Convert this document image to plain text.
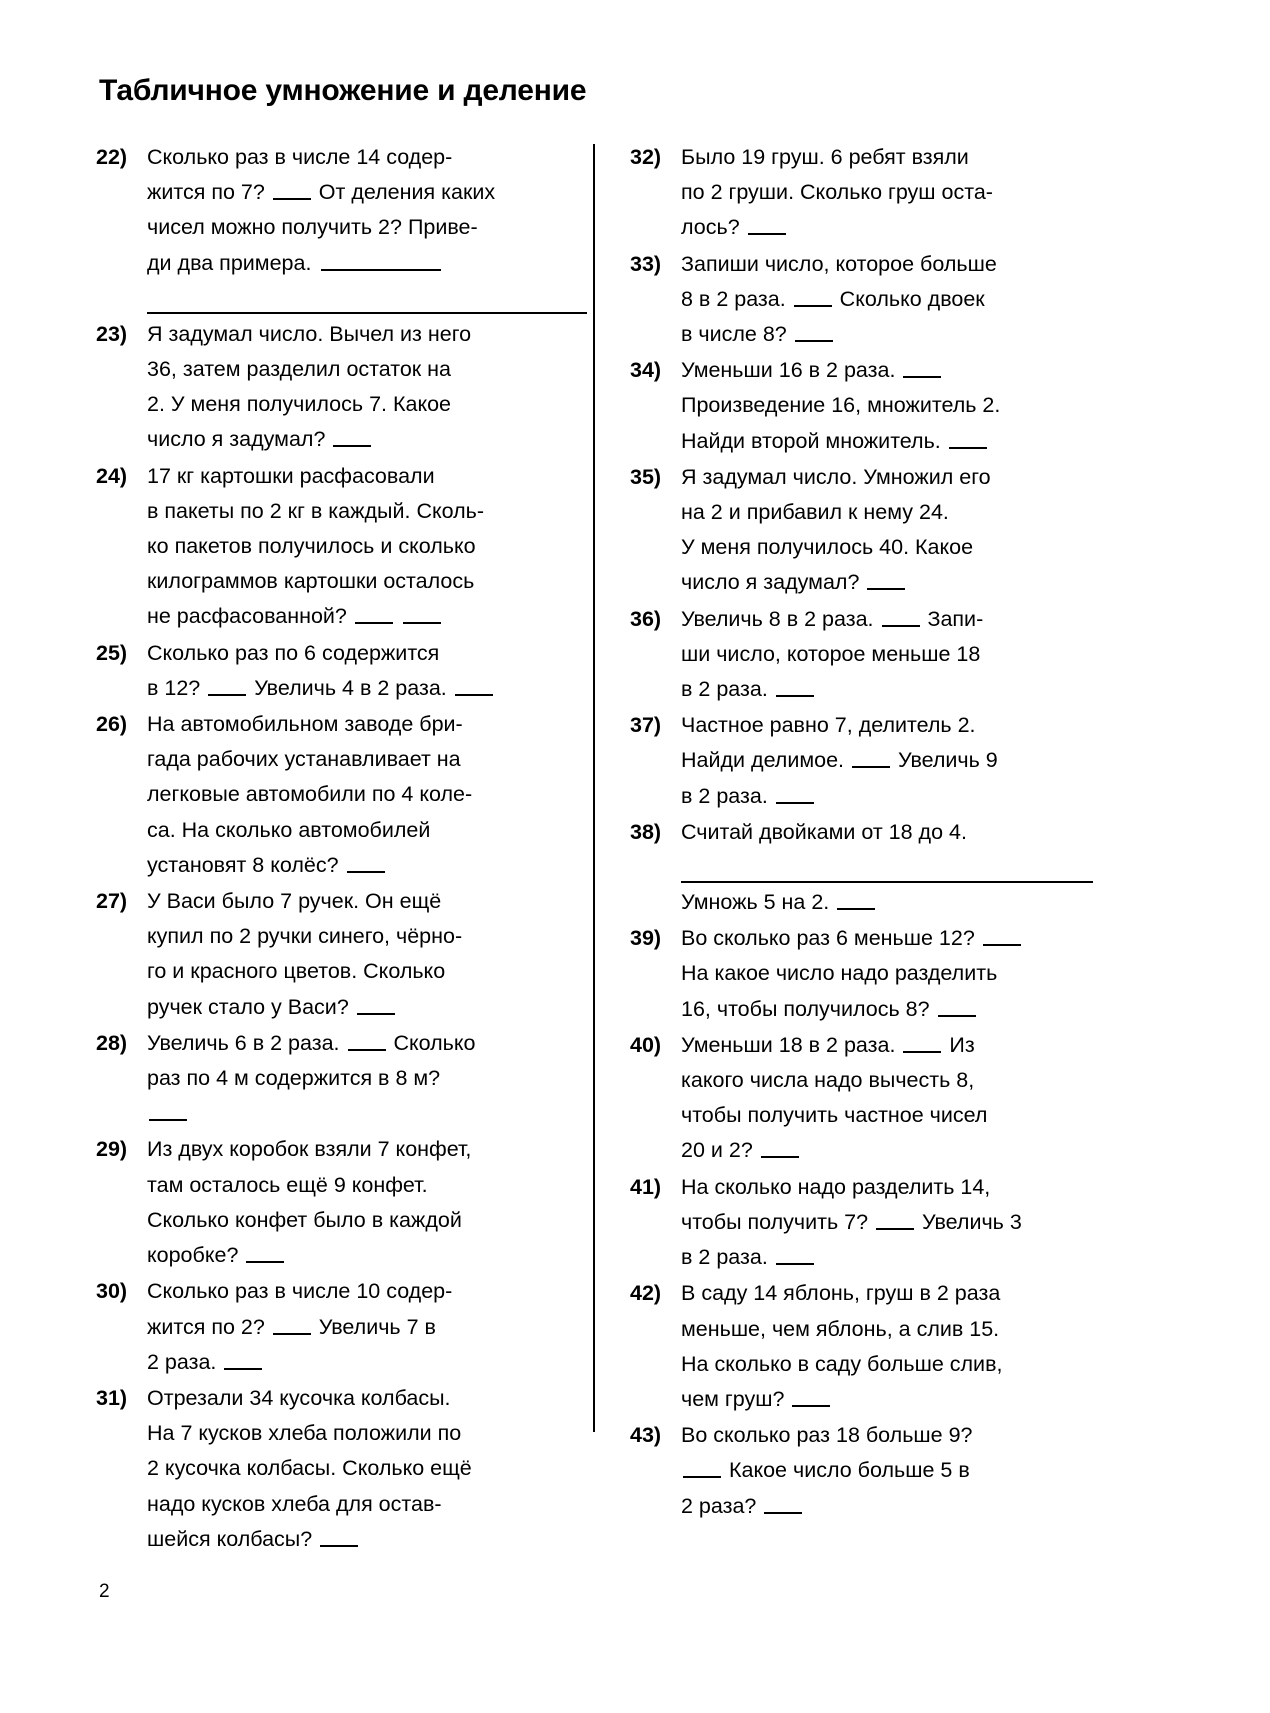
Табличное умножение и деление
22) Сколько раз в числе 14 содер-
жится по 7?  От деления каких
чисел можно получить 2? Приве-
ди два примера.
23) Я задумал число. Вычел из него
36, затем разделил остаток на
2. У меня получилось 7. Какое
число я задумал?
24) 17 кг картошки расфасовали
в пакеты по 2 кг в каждый. Сколь-
ко пакетов получилось и сколько
килограммов картошки осталось
не расфасованной?
25) Сколько раз по 6 содержится
в 12?  Увеличь 4 в 2 раза.
26) На автомобильном заводе бри-
гада рабочих устанавливает на
легковые автомобили по 4 коле-
са. На сколько автомобилей
установят 8 колёс?
27) У Васи было 7 ручек. Он ещё
купил по 2 ручки синего, чёрно-
го и красного цветов. Сколько
ручек стало у Васи?
28) Увеличь 6 в 2 раза.  Сколько
раз по 4 м содержится в 8 м?
29) Из двух коробок взяли 7 конфет,
там осталось ещё 9 конфет.
Сколько конфет было в каждой
коробке?
30) Сколько раз в числе 10 содер-
жится по 2?  Увеличь 7 в
2 раза.
31) Отрезали 34 кусочка колбасы.
На 7 кусков хлеба положили по
2 кусочка колбасы. Сколько ещё
надо кусков хлеба для остав-
шейся колбасы?
32) Было 19 груш. 6 ребят взяли
по 2 груши. Сколько груш оста-
лось?
33) Запиши число, которое больше
8 в 2 раза.  Сколько двоек
в числе 8?
34) Уменьши 16 в 2 раза.
Произведение 16, множитель 2.
Найди второй множитель.
35) Я задумал число. Умножил его
на 2 и прибавил к нему 24.
У меня получилось 40. Какое
число я задумал?
36) Увеличь 8 в 2 раза.  Запи-
ши число, которое меньше 18
в 2 раза.
37) Частное равно 7, делитель 2.
Найди делимое.  Увеличь 9
в 2 раза.
38) Считай двойками от 18 до 4.
Умножь 5 на 2.
39) Во сколько раз 6 меньше 12?
На какое число надо разделить
16, чтобы получилось 8?
40) Уменьши 18 в 2 раза.  Из
какого числа надо вычесть 8,
чтобы получить частное чисел
20 и 2?
41) На сколько надо разделить 14,
чтобы получить 7?  Увеличь 3
в 2 раза.
42) В саду 14 яблонь, груш в 2 раза
меньше, чем яблонь, а слив 15.
На сколько в саду больше слив,
чем груш?
43) Во сколько раз 18 больше 9?
Какое число больше 5 в
2 раза?
2
